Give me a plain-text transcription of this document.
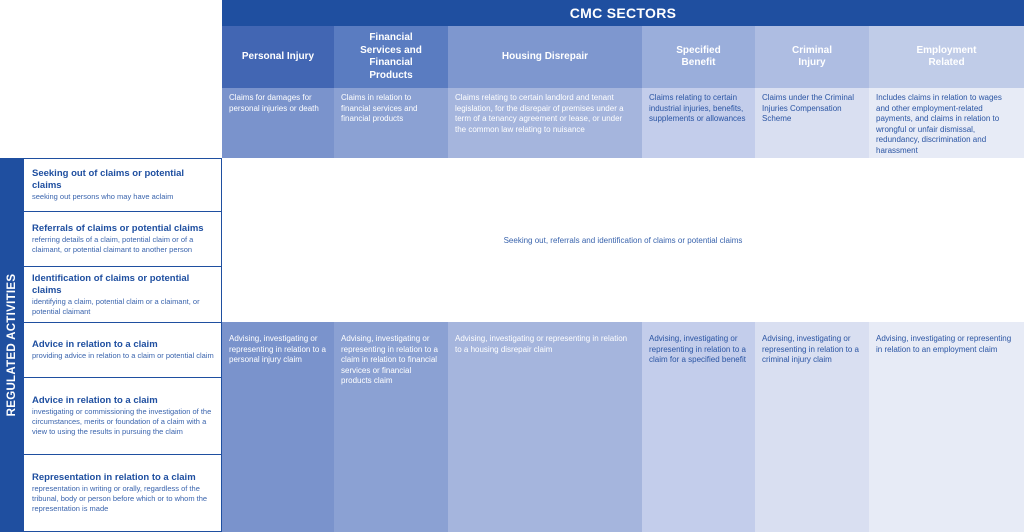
CMC SECTORS
Personal Injury
Financial Services and Financial Products
Housing Disrepair
Specified Benefit
Criminal Injury
Employment Related
Claims for damages for personal injuries or death
Claims in relation to financial services and financial products
Claims relating to certain landlord and tenant legislation, for the disrepair of premises under a term of a tenancy agreement or lease, or under the common law relating to nuisance
Claims relating to certain industrial injuries, benefits, supplements or allowances
Claims under the Criminal Injuries Compensation Scheme
Includes claims in relation to wages and other employment-related payments, and claims in relation to wrongful or unfair dismissal, redundancy, discrimination and harassment
Seeking out, referrals and identification of claims or potential claims
Advising, investigating or representing in relation to a personal injury claim
Advising, investigating or representing in relation to a claim in relation to financial services or financial products claim
Advising, investigating or representing in relation to a housing disrepair claim
Advising, investigating or representing in relation to a claim for a specified benefit
Advising, investigating or representing in relation to a criminal injury claim
Advising, investigating or representing in relation to an employment claim
REGULATED ACTIVITIES
Seeking out of claims or potential claims
seeking out persons who may have aclaim
Referrals of claims or potential claims
referring details of a claim, potential claim or of a claimant, or potential claimant to another person
Identification of claims or potential claims
identifying a claim, potential claim or a claimant, or potential claimant
Advice in relation to a claim
providing advice in relation to a claim or potential claim
Advice in relation to a claim
investigating or commissioning the investigation of the circumstances, merits or foundation of a claim with a view to using the results in pursuing the claim
Representation in relation to a claim
representation in writing or orally, regardless of the tribunal, body or person before which or to whom the representation is made
